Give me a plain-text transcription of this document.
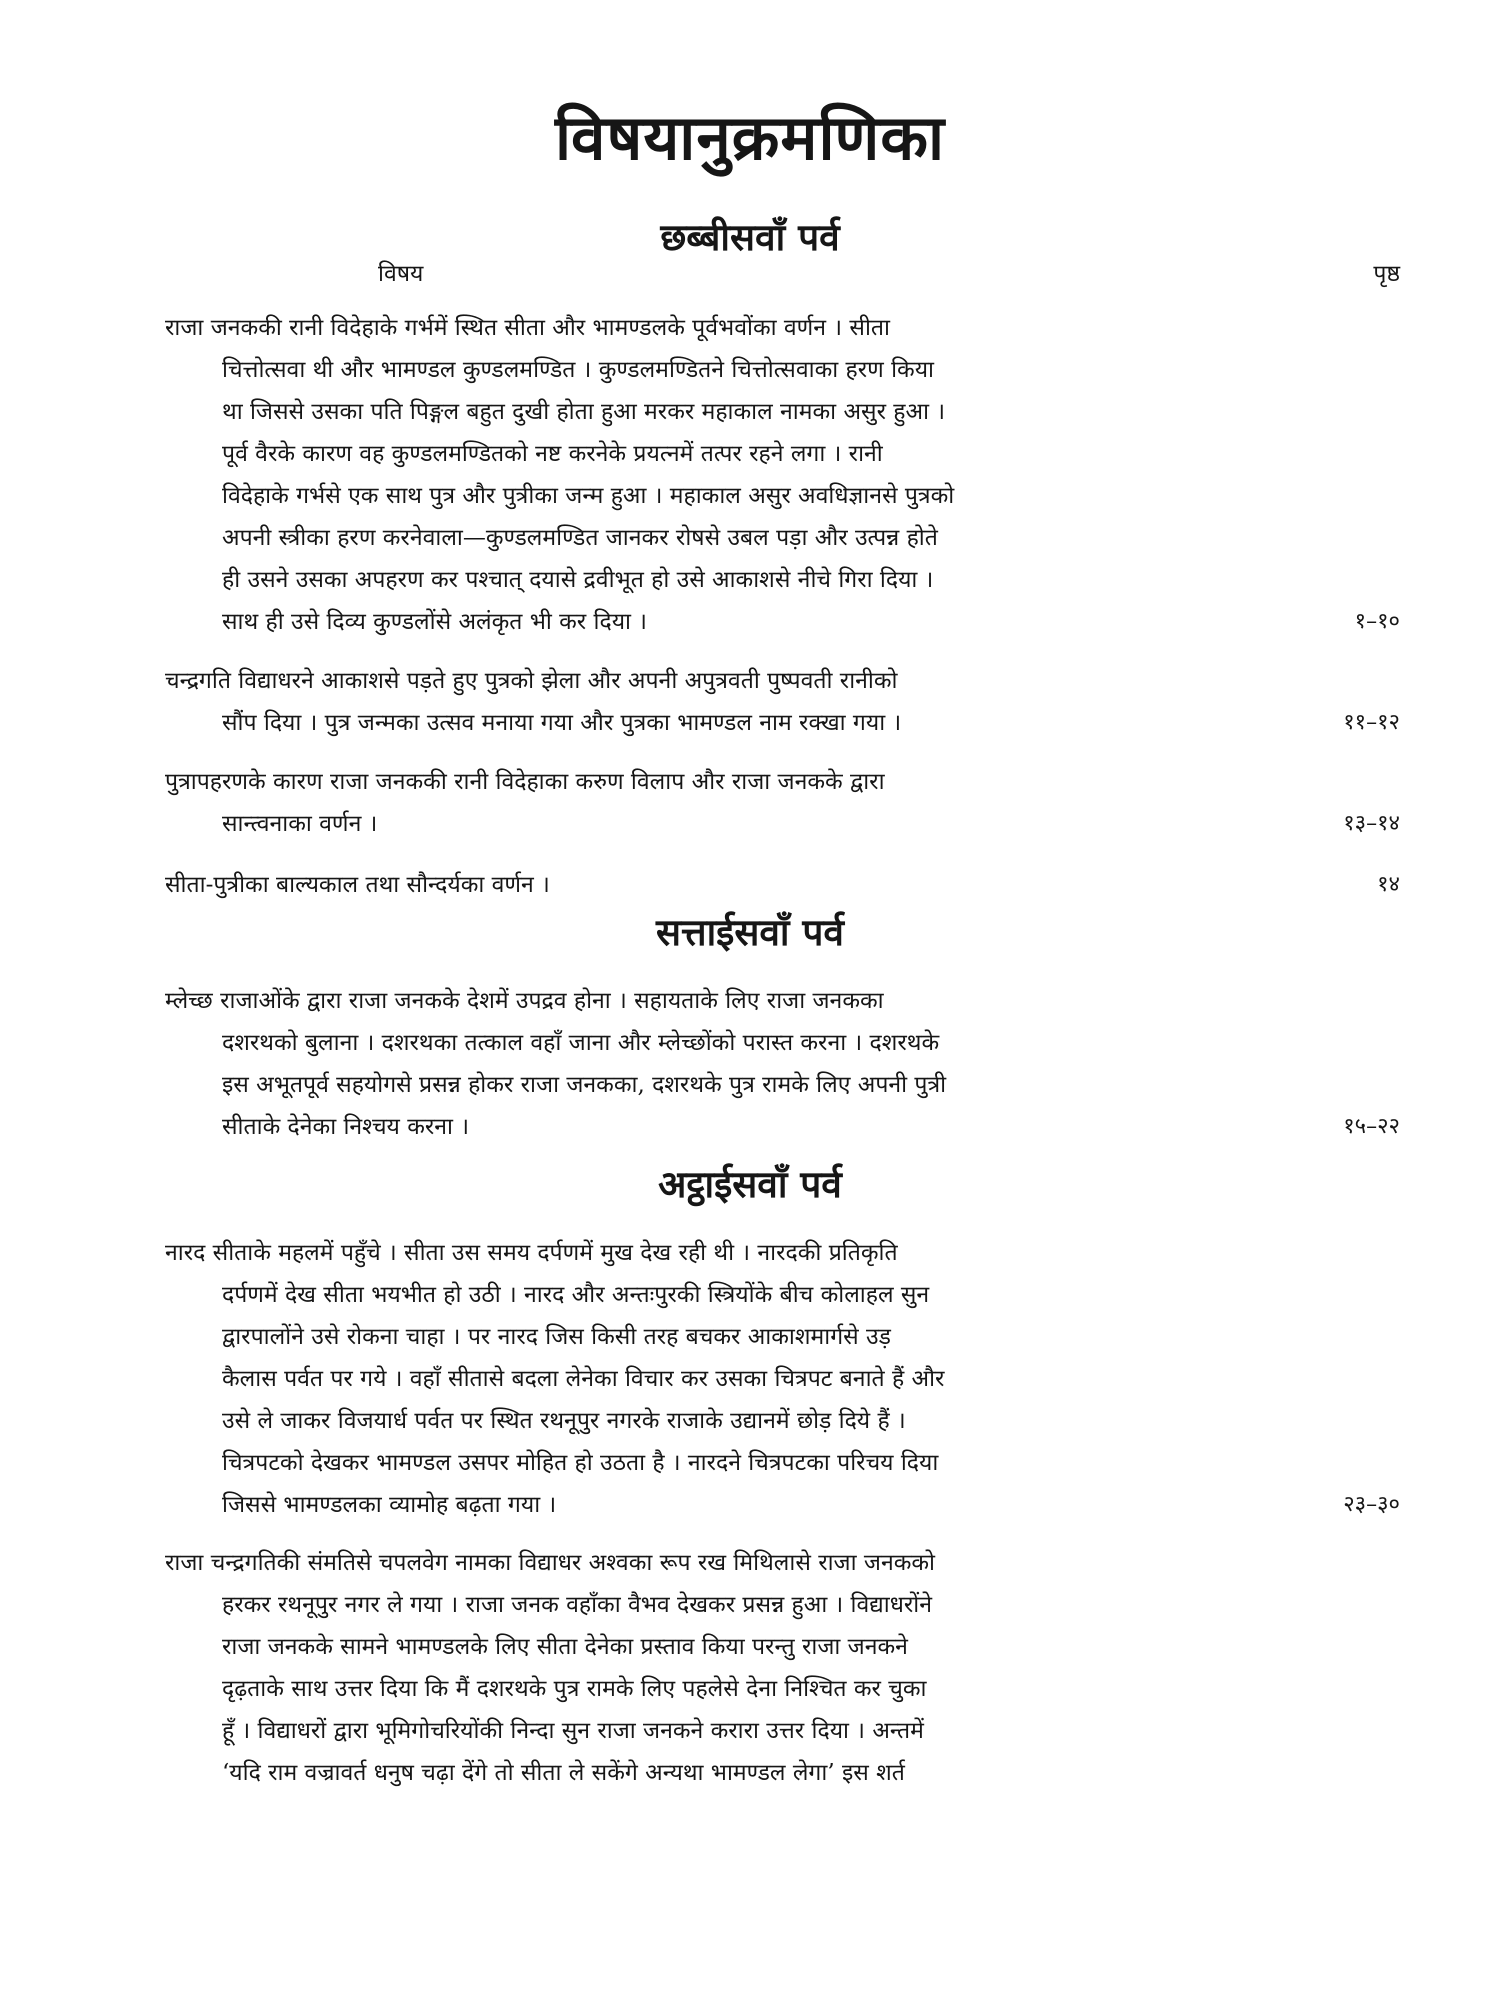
विषयानुक्रमणिका
छब्बीसवाँ पर्व
विषय	पृष्ठ
राजा जनककी रानी विदेहाके गर्भमें स्थित सीता और भामण्डलके पूर्वभवोंका वर्णन । सीता
चित्तोत्सवा थी और भामण्डल कुण्डलमण्डित । कुण्डलमण्डितने चित्तोत्सवाका हरण किया
था जिससे उसका पति पिङ्गल बहुत दुखी होता हुआ मरकर महाकाल नामका असुर हुआ ।
पूर्व वैरके कारण वह कुण्डलमण्डितको नष्ट करनेके प्रयत्नमें तत्पर रहने लगा । रानी
विदेहाके गर्भसे एक साथ पुत्र और पुत्रीका जन्म हुआ । महाकाल असुर अवधिज्ञानसे पुत्रको
अपनी स्त्रीका हरण करनेवाला—कुण्डलमण्डित जानकर रोषसे उबल पड़ा और उत्पन्न होते
ही उसने उसका अपहरण कर पश्चात् दयासे द्रवीभूत हो उसे आकाशसे नीचे गिरा दिया ।
साथ ही उसे दिव्य कुण्डलोंसे अलंकृत भी कर दिया ।	१–१०
चन्द्रगति विद्याधरने आकाशसे पड़ते हुए पुत्रको झेला और अपनी अपुत्रवती पुष्पवती रानीको
सौंप दिया । पुत्र जन्मका उत्सव मनाया गया और पुत्रका भामण्डल नाम रक्खा गया ।	११–१२
पुत्रापहरणके कारण राजा जनककी रानी विदेहाका करुण विलाप और राजा जनकके द्वारा
सान्त्वनाका वर्णन ।	१३–१४
सीता-पुत्रीका बाल्यकाल तथा सौन्दर्यका वर्णन ।	१४
सत्ताईसवाँ पर्व
म्लेच्छ राजाओंके द्वारा राजा जनकके देशमें उपद्रव होना । सहायताके लिए राजा जनकका
दशरथको बुलाना । दशरथका तत्काल वहाँ जाना और म्लेच्छोंको परास्त करना । दशरथके
इस अभूतपूर्व सहयोगसे प्रसन्न होकर राजा जनकका, दशरथके पुत्र रामके लिए अपनी पुत्री
सीताके देनेका निश्चय करना ।	१५–२२
अट्ठाईसवाँ पर्व
नारद सीताके महलमें पहुँचे । सीता उस समय दर्पणमें मुख देख रही थी । नारदकी प्रतिकृति
दर्पणमें देख सीता भयभीत हो उठी । नारद और अन्तःपुरकी स्त्रियोंके बीच कोलाहल सुन
द्वारपालोंने उसे रोकना चाहा । पर नारद जिस किसी तरह बचकर आकाशमार्गसे उड़
कैलास पर्वत पर गये । वहाँ सीतासे बदला लेनेका विचार कर उसका चित्रपट बनाते हैं और
उसे ले जाकर विजयार्ध पर्वत पर स्थित रथनूपुर नगरके राजाके उद्यानमें छोड़ दिये हैं ।
चित्रपटको देखकर भामण्डल उसपर मोहित हो उठता है । नारदने चित्रपटका परिचय दिया
जिससे भामण्डलका व्यामोह बढ़ता गया ।	२३–३०
राजा चन्द्रगतिकी संमतिसे चपलवेग नामका विद्याधर अश्वका रूप रख मिथिलासे राजा जनकको
हरकर रथनूपुर नगर ले गया । राजा जनक वहाँका वैभव देखकर प्रसन्न हुआ । विद्याधरोंने
राजा जनकके सामने भामण्डलके लिए सीता देनेका प्रस्ताव किया परन्तु राजा जनकने
दृढ़ताके साथ उत्तर दिया कि मैं दशरथके पुत्र रामके लिए पहलेसे देना निश्चित कर चुका
हूँ । विद्याधरों द्वारा भूमिगोचरियोंकी निन्दा सुन राजा जनकने करारा उत्तर दिया । अन्तमें
‘यदि राम वज्रावर्त धनुष चढ़ा देंगे तो सीता ले सकेंगे अन्यथा भामण्डल लेगा’ इस शर्त
